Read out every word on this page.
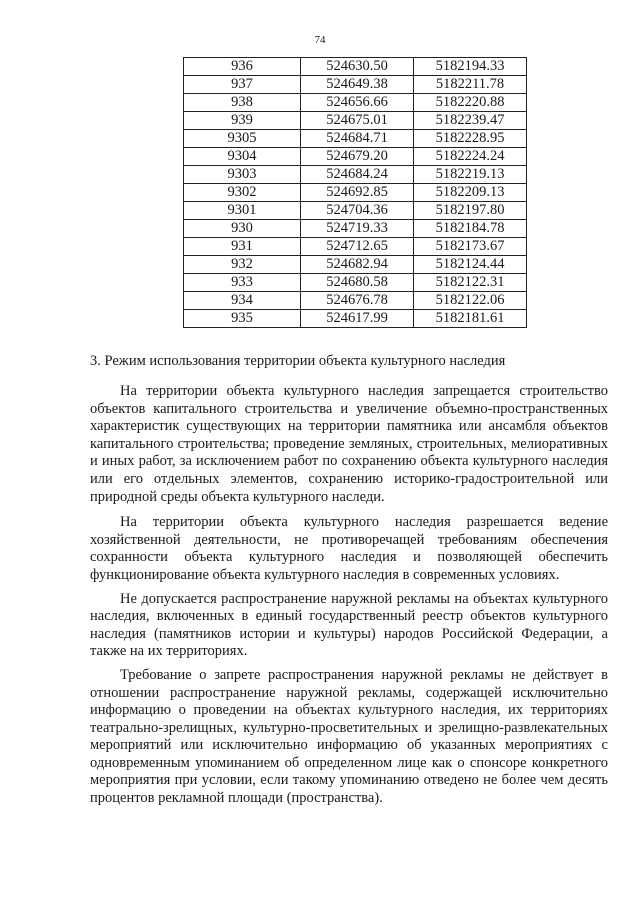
74
936	524630.50	5182194.33
937	524649.38	5182211.78
938	524656.66	5182220.88
939	524675.01	5182239.47
9305	524684.71	5182228.95
9304	524679.20	5182224.24
9303	524684.24	5182219.13
9302	524692.85	5182209.13
9301	524704.36	5182197.80
930	524719.33	5182184.78
931	524712.65	5182173.67
932	524682.94	5182124.44
933	524680.58	5182122.31
934	524676.78	5182122.06
935	524617.99	5182181.61
3. Режим использования территории объекта культурного наследия

На территории объекта культурного наследия запрещается строительство объектов капитального строительства и увеличение объемно-пространственных характеристик существующих на территории памятника или ансамбля объектов капитального строительства; проведение земляных, строительных, мелиоративных и иных работ, за исключением работ по сохранению объекта культурного наследия или его отдельных элементов, сохранению историко-градостроительной или природной среды объекта культурного наследи.

На территории объекта культурного наследия разрешается ведение хозяйственной деятельности, не противоречащей требованиям обеспечения сохранности объекта культурного наследия и позволяющей обеспечить функционирование объекта культурного наследия в современных условиях.

Не допускается распространение наружной рекламы на объектах культурного наследия, включенных в единый государственный реестр объектов культурного наследия (памятников истории и культуры) народов Российской Федерации, а также на их территориях.

Требование о запрете распространения наружной рекламы не действует в отношении распространение наружной рекламы, содержащей исключительно информацию о проведении на объектах культурного наследия, их территориях театрально-зрелищных, культурно-просветительных и зрелищно-развлекательных мероприятий или исключительно информацию об указанных мероприятиях с одновременным упоминанием об определенном лице как о спонсоре конкретного мероприятия при условии, если такому упоминанию отведено не более чем десять процентов рекламной площади (пространства).
